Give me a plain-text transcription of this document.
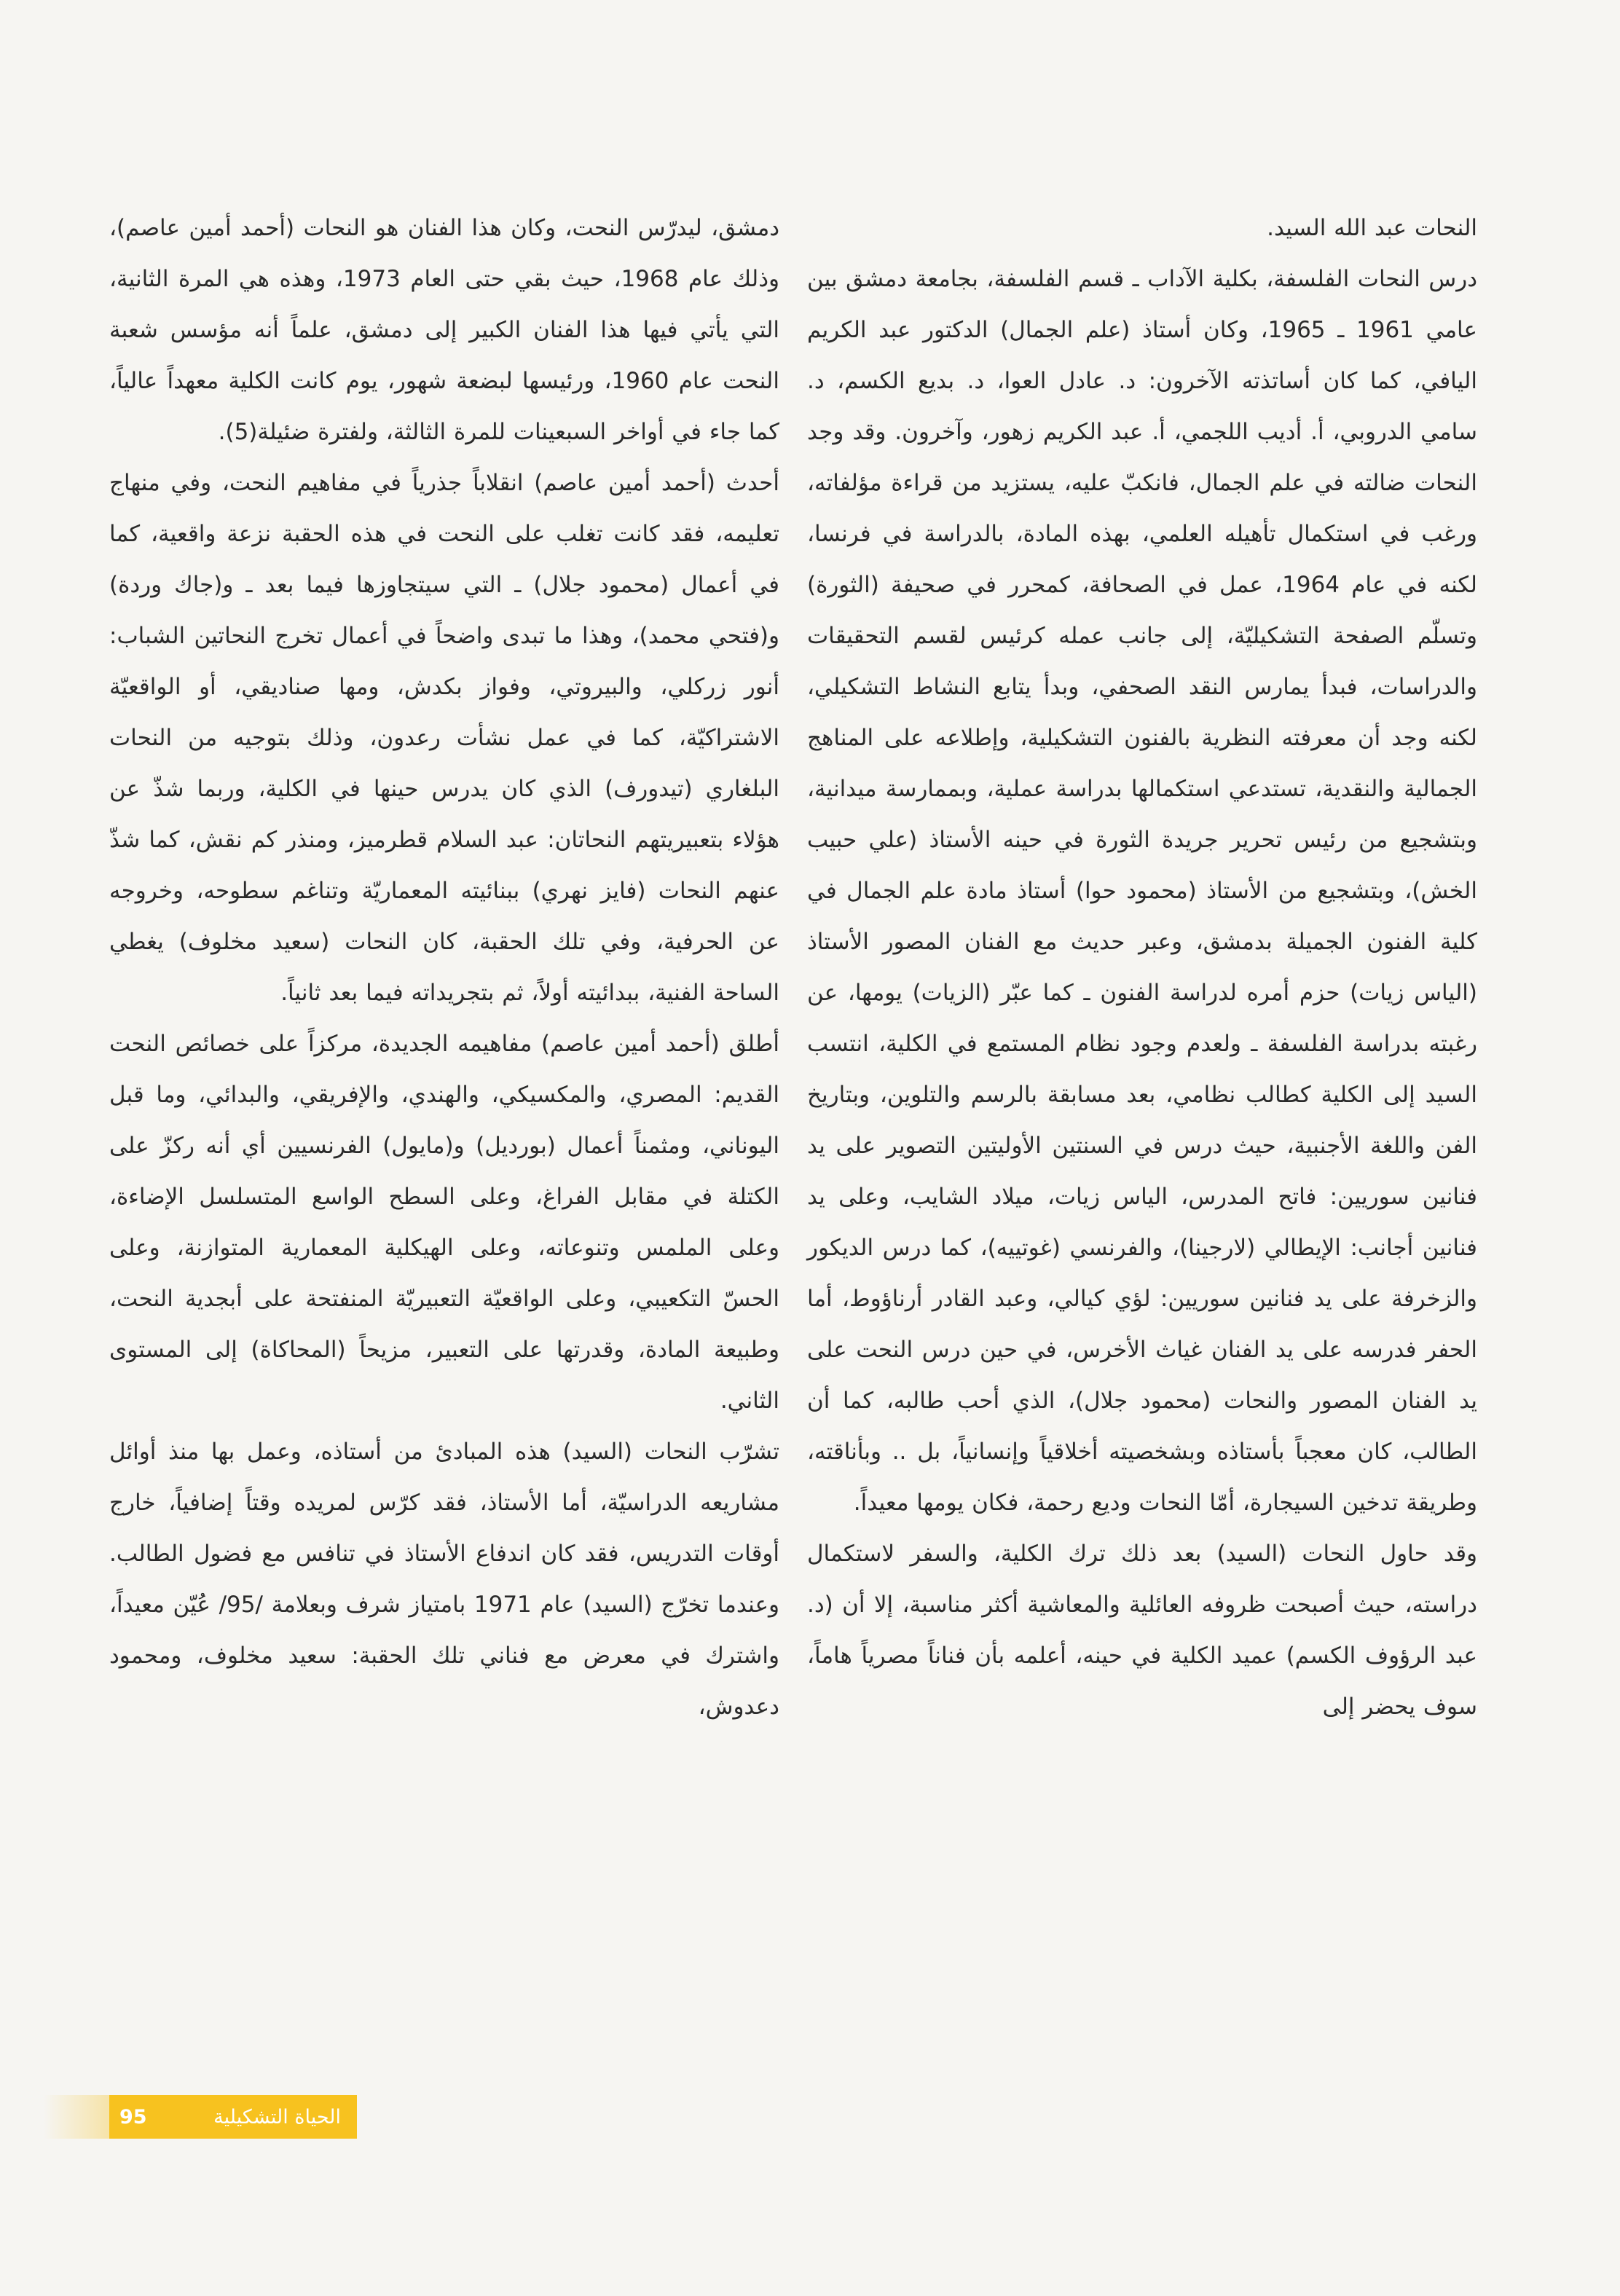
النحات عبد الله السيد.

درس النحات الفلسفة، بكلية الآداب ـ قسم الفلسفة، بجامعة دمشق بين عامي 1961 ـ 1965، وكان أستاذ (علم الجمال) الدكتور عبد الكريم اليافي، كما كان أساتذته الآخرون: د. عادل العوا، د. بديع الكسم، د. سامي الدروبي، أ. أديب اللجمي، أ. عبد الكريم زهور، وآخرون. وقد وجد النحات ضالته في علم الجمال، فانكبّ عليه، يستزيد من قراءة مؤلفاته، ورغب في استكمال تأهيله العلمي، بهذه المادة، بالدراسة في فرنسا، لكنه في عام 1964، عمل في الصحافة، كمحرر في صحيفة (الثورة) وتسلّم الصفحة التشكيليّة، إلى جانب عمله كرئيس لقسم التحقيقات والدراسات، فبدأ يمارس النقد الصحفي، وبدأ يتابع النشاط التشكيلي، لكنه وجد أن معرفته النظرية بالفنون التشكيلية، وإطلاعه على المناهج الجمالية والنقدية، تستدعي استكمالها بدراسة عملية، وبممارسة ميدانية، وبتشجيع من رئيس تحرير جريدة الثورة في حينه الأستاذ (علي حبيب الخش)، وبتشجيع من الأستاذ (محمود حوا) أستاذ مادة علم الجمال في كلية الفنون الجميلة بدمشق، وعبر حديث مع الفنان المصور الأستاذ (الياس زيات) حزم أمره لدراسة الفنون ـ كما عبّر (الزيات) يومها، عن رغبته بدراسة الفلسفة ـ ولعدم وجود نظام المستمع في الكلية، انتسب السيد إلى الكلية كطالب نظامي، بعد مسابقة بالرسم والتلوين، وبتاريخ الفن واللغة الأجنبية، حيث درس في السنتين الأوليتين التصوير على يد فنانين سوريين: فاتح المدرس، الياس زيات، ميلاد الشايب، وعلى يد فنانين أجانب: الإيطالي (لارجينا)، والفرنسي (غوتييه)، كما درس الديكور والزخرفة على يد فنانين سوريين: لؤي كيالي، وعبد القادر أرناؤوط، أما الحفر فدرسه على يد الفنان غياث الأخرس، في حين درس النحت على يد الفنان المصور والنحات (محمود جلال)، الذي أحب طالبه، كما أن الطالب، كان معجباً بأستاذه وبشخصيته أخلاقياً وإنسانياً، بل .. وبأناقته، وطريقة تدخين السيجارة، أمّا النحات وديع رحمة، فكان يومها معيداً.

وقد حاول النحات (السيد) بعد ذلك ترك الكلية، والسفر لاستكمال دراسته، حيث أصبحت ظروفه العائلية والمعاشية أكثر مناسبة، إلا أن (د. عبد الرؤوف الكسم) عميد الكلية في حينه، أعلمه بأن فناناً مصرياً هاماً، سوف يحضر إلى

دمشق، ليدرّس النحت، وكان هذا الفنان هو النحات (أحمد أمين عاصم)، وذلك عام 1968، حيث بقي حتى العام 1973، وهذه هي المرة الثانية، التي يأتي فيها هذا الفنان الكبير إلى دمشق، علماً أنه مؤسس شعبة النحت عام 1960، ورئيسها لبضعة شهور، يوم كانت الكلية معهداً عالياً، كما جاء في أواخر السبعينات للمرة الثالثة، ولفترة ضئيلة(5).

أحدث (أحمد أمين عاصم) انقلاباً جذرياً في مفاهيم النحت، وفي منهاج تعليمه، فقد كانت تغلب على النحت في هذه الحقبة نزعة واقعية، كما في أعمال (محمود جلال) ـ التي سيتجاوزها فيما بعد ـ و(جاك وردة) و(فتحي محمد)، وهذا ما تبدى واضحاً في أعمال تخرج النحاتين الشباب: أنور زركلي، والبيروتي، وفواز بكدش، ومها صناديقي، أو الواقعيّة الاشتراكيّة، كما في عمل نشأت رعدون، وذلك بتوجيه من النحات البلغاري (تيدورف) الذي كان يدرس حينها في الكلية، وربما شذّ عن هؤلاء بتعبيريتهم النحاتان: عبد السلام قطرميز، ومنذر كم نقش، كما شذّ عنهم النحات (فايز نهري) ببنائيته المعماريّة وتناغم سطوحه، وخروجه عن الحرفية، وفي تلك الحقبة، كان النحات (سعيد مخلوف) يغطي الساحة الفنية، ببدائيته أولاً، ثم بتجريداته فيما بعد ثانياً.

أطلق (أحمد أمين عاصم) مفاهيمه الجديدة، مركزاً على خصائص النحت القديم: المصري، والمكسيكي، والهندي، والإفريقي، والبدائي، وما قبل اليوناني، ومثمناً أعمال (بورديل) و(مايول) الفرنسيين أي أنه ركزّ على الكتلة في مقابل الفراغ، وعلى السطح الواسع المتسلسل الإضاءة، وعلى الملمس وتنوعاته، وعلى الهيكلية المعمارية المتوازنة، وعلى الحسّ التكعيبي، وعلى الواقعيّة التعبيريّة المنفتحة على أبجدية النحت، وطبيعة المادة، وقدرتها على التعبير، مزيحاً (المحاكاة) إلى المستوى الثاني.

تشرّب النحات (السيد) هذه المبادئ من أستاذه، وعمل بها منذ أوائل مشاريعه الدراسيّة، أما الأستاذ، فقد كرّس لمريده وقتاً إضافياً، خارج أوقات التدريس، فقد كان اندفاع الأستاذ في تنافس مع فضول الطالب. وعندما تخرّج (السيد) عام 1971 بامتياز شرف وبعلامة /95/ عُيّن معيداً، واشترك في معرض مع فناني تلك الحقبة: سعيد مخلوف، ومحمود دعدوش،

الحياة التشكيلية
95
